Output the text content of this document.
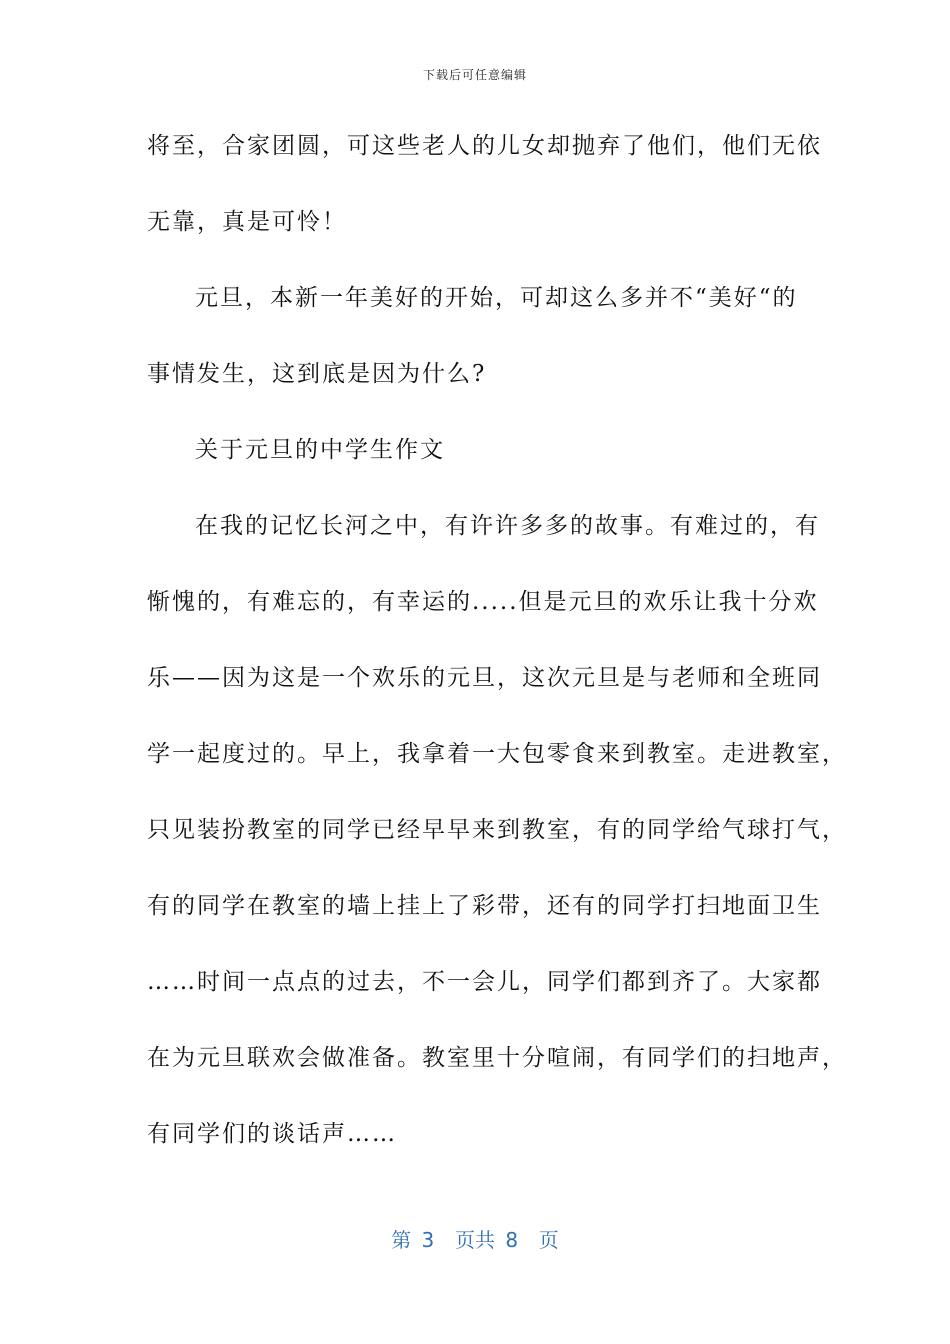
下载后可任意编辑
将至，合家团圆，可这些老人的儿女却抛弃了他们，他们无依
无靠，真是可怜！
元旦，本新一年美好的开始，可却这么多并不“美好“的
事情发生，这到底是因为什么?
关于元旦的中学生作文
在我的记忆长河之中，有许许多多的故事。有难过的，有
惭愧的，有难忘的，有幸运的.....但是元旦的欢乐让我十分欢
乐——因为这是一个欢乐的元旦，这次元旦是与老师和全班同
学一起度过的。早上，我拿着一大包零食来到教室。走进教室，
只见装扮教室的同学已经早早来到教室，有的同学给气球打气，
有的同学在教室的墙上挂上了彩带，还有的同学打扫地面卫生
……时间一点点的过去，不一会儿，同学们都到齐了。大家都
在为元旦联欢会做准备。教室里十分喧闹，有同学们的扫地声，
有同学们的谈话声……
第 3  页共 8  页
